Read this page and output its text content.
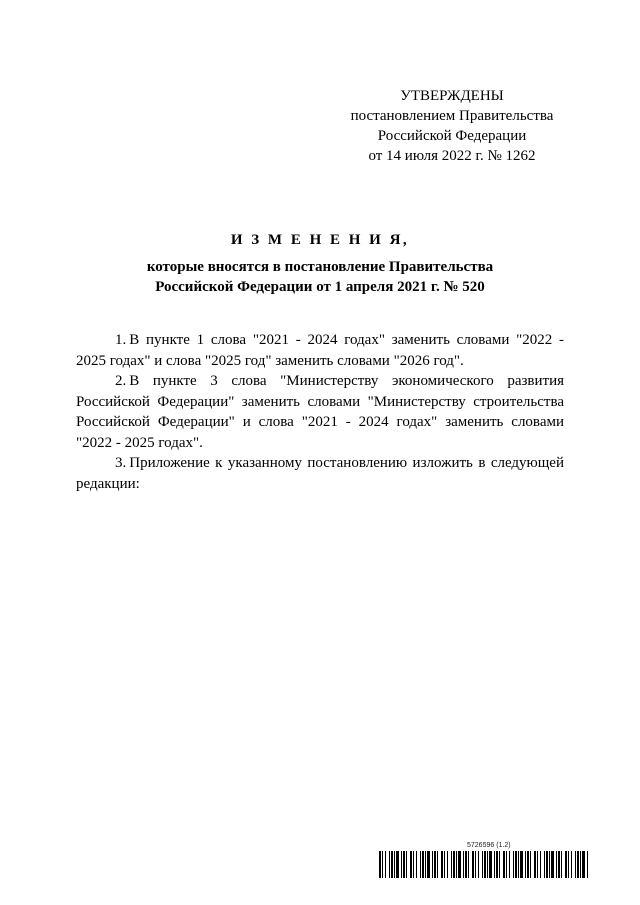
УТВЕРЖДЕНЫ
постановлением Правительства
Российской Федерации
от 14 июля 2022 г. № 1262
И З М Е Н Е Н И Я,
которые вносятся в постановление Правительства
Российской Федерации от 1 апреля 2021 г. № 520

1. В пункте 1 слова "2021 - 2024 годах" заменить словами "2022 - 2025 годах" и слова "2025 год" заменить словами "2026 год".

2. В пункте 3 слова "Министерству экономического развития Российской Федерации" заменить словами "Министерству строительства Российской Федерации" и слова "2021 - 2024 годах" заменить словами "2022 - 2025 годах".

3. Приложение к указанному постановлению изложить в следующей редакции:

5726596 (1.2)
